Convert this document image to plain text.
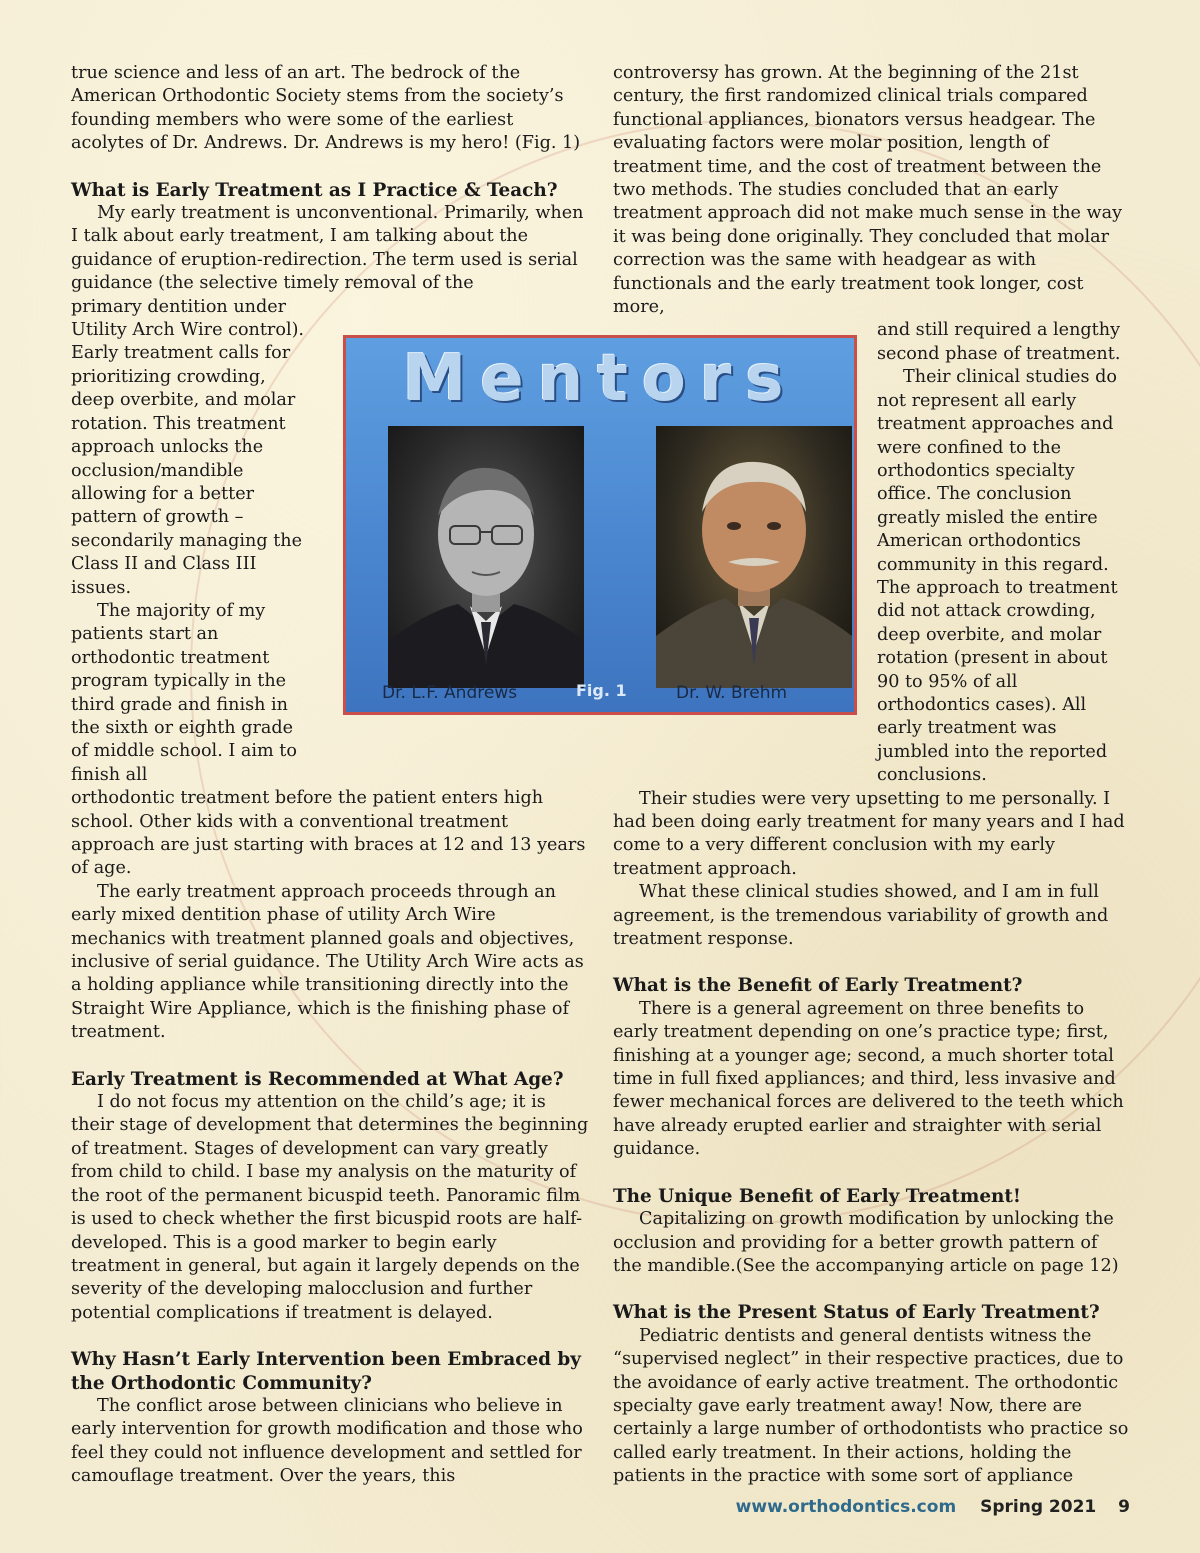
true science and less of an art. The bedrock of the American Orthodontic Society stems from the society’s founding members who were some of the earliest acolytes of Dr. Andrews. Dr. Andrews is my hero! (Fig. 1)

What is Early Treatment as I Practice & Teach?

My early treatment is unconventional. Primarily, when I talk about early treatment, I am talking about the guidance of eruption-redirection. The term used is serial guidance (the selective timely removal of the

primary dentition under Utility Arch Wire control). Early treatment calls for prioritizing crowding, deep overbite, and molar rotation. This treatment approach unlocks the occlusion/mandible allowing for a better pattern of growth – secondarily managing the Class II and Class III issues.

The majority of my patients start an orthodontic treatment program typically in the third grade and finish in the sixth or eighth grade of middle school. I aim to finish all

orthodontic treatment before the patient enters high school. Other kids with a conventional treatment approach are just starting with braces at 12 and 13 years of age.

The early treatment approach proceeds through an early mixed dentition phase of utility Arch Wire mechanics with treatment planned goals and objectives, inclusive of serial guidance. The Utility Arch Wire acts as a holding appliance while transitioning directly into the Straight Wire Appliance, which is the finishing phase of treatment.

Early Treatment is Recommended at What Age?

I do not focus my attention on the child’s age; it is their stage of development that determines the beginning of treatment. Stages of development can vary greatly from child to child. I base my analysis on the maturity of the root of the permanent bicuspid teeth. Panoramic film is used to check whether the first bicuspid roots are half-developed. This is a good marker to begin early treatment in general, but again it largely depends on the severity of the developing malocclusion and further potential complications if treatment is delayed.

Why Hasn’t Early Intervention been Embraced by the Orthodontic Community?

The conflict arose between clinicians who believe in early intervention for growth modification and those who feel they could not influence development and settled for camouflage treatment. Over the years, this

controversy has grown. At the beginning of the 21st century, the first randomized clinical trials compared functional appliances, bionators versus headgear. The evaluating factors were molar position, length of treatment time, and the cost of treatment between the two methods. The studies concluded that an early treatment approach did not make much sense in the way it was being done originally. They concluded that molar correction was the same with headgear as with functionals and the early treatment took longer, cost more,

and still required a lengthy second phase of treatment.

Their clinical studies do not represent all early treatment approaches and were confined to the orthodontics specialty office. The conclusion greatly misled the entire American orthodontics community in this regard. The approach to treatment did not attack crowding, deep overbite, and molar rotation (present in about 90 to 95% of all orthodontics cases). All early treatment was jumbled into the reported conclusions.

Their studies were very upsetting to me personally. I had been doing early treatment for many years and I had come to a very different conclusion with my early treatment approach.

What these clinical studies showed, and I am in full agreement, is the tremendous variability of growth and treatment response.

What is the Benefit of Early Treatment?

There is a general agreement on three benefits to early treatment depending on one’s practice type; first, finishing at a younger age; second, a much shorter total time in full fixed appliances; and third, less invasive and fewer mechanical forces are delivered to the teeth which have already erupted earlier and straighter with serial guidance.

The Unique Benefit of Early Treatment!

Capitalizing on growth modification by unlocking the occlusion and providing for a better growth pattern of the mandible.(See the accompanying article on page 12)

What is the Present Status of Early Treatment?

Pediatric dentists and general dentists witness the “supervised neglect” in their respective practices, due to the avoidance of early active treatment. The orthodontic specialty gave early treatment away! Now, there are certainly a large number of orthodontists who practice so called early treatment. In their actions, holding the patients in the practice with some sort of appliance

Mentors
Dr. L.F. Andrews	Fig. 1	Dr. W. Brehm
www.orthodontics.com Spring 2021 9
